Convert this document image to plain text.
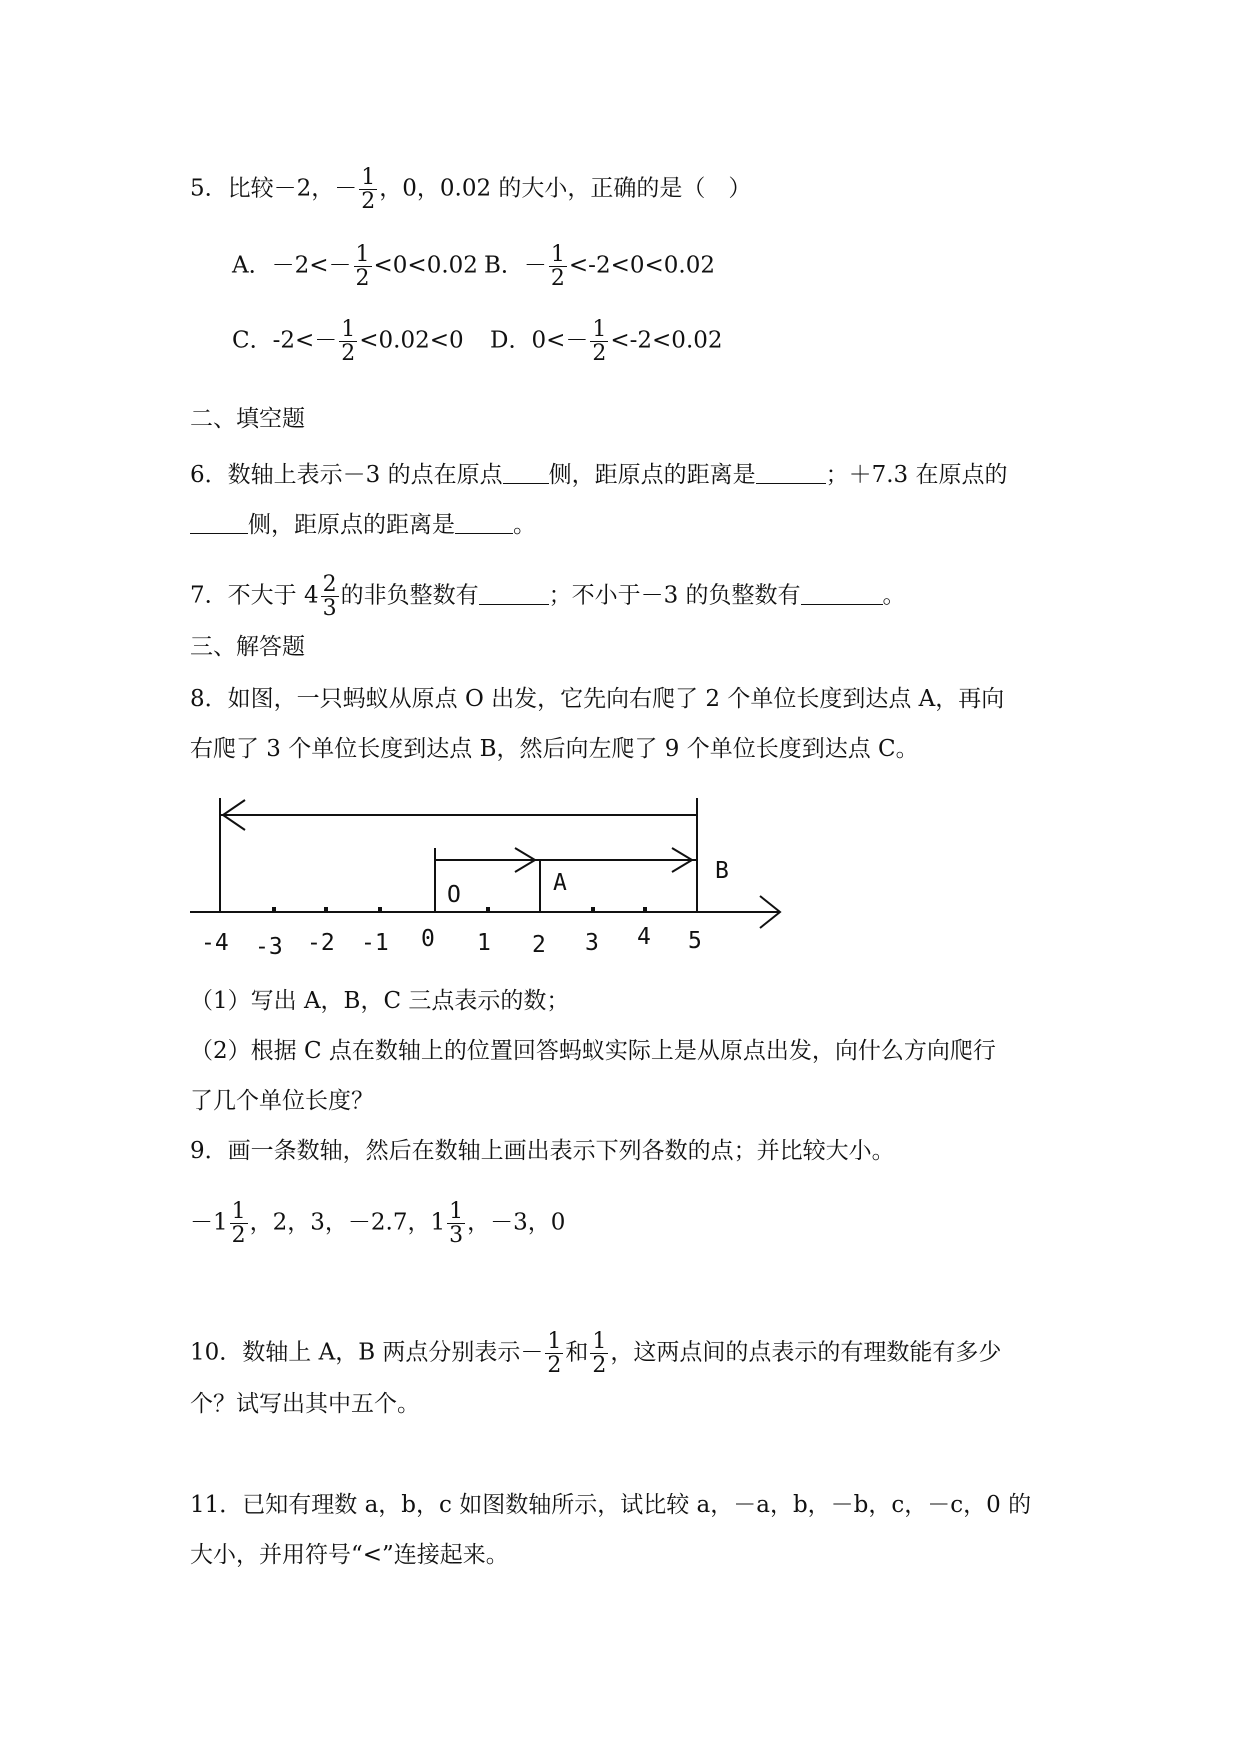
5．比较－2，－ $\frac{1}{2}$ ，0，0.02 的大小，正确的是（　）
A．$-2<- \frac{1}{2} <0<0.02$ B．－ $\frac{1}{2} <-2<0<0.02$
C．$-2<- \frac{1}{2} <0.02<0$ D．$0<- \frac{1}{2} <-2<0.02$
二、填空题
6．数轴上表示－3 的点在原点 侧，距原点的距离是	；＋7.3 在原点的
侧，距原点的距离是	。
7．不大于 $4 \frac{2}{3}$ 的非负整数有	；不小于－3 的负整数有	。
三、解答题
8．如图，一只蚂蚁从原点 O 出发，它先向右爬了 2 个单位长度到达点 A，再向
右爬了 3 个单位长度到达点 B，然后向左爬了 9 个单位长度到达点 C。
-4 -3 -2 -1 0 1 2 3 4 5
O	A	B
（1）写出 A，B，C 三点表示的数；
（2）根据 C 点在数轴上的位置回答蚂蚁实际上是从原点出发，向什么方向爬行
了几个单位长度？
9．画一条数轴，然后在数轴上画出表示下列各数的点；并比较大小。
$-1 \frac{1}{2}$ ，2，3，－2.7，$1 \frac{1}{3}$ ，－3，0
10．数轴上 A，B 两点分别表示－ $\frac{1}{2}$ 和 $\frac{1}{2}$ ，这两点间的点表示的有理数能有多少
个？试写出其中五个。
11．已知有理数 a，b，c 如图数轴所示，试比较 a，－a，b，－b，c，－c，0 的
大小，并用符号“<”连接起来。
